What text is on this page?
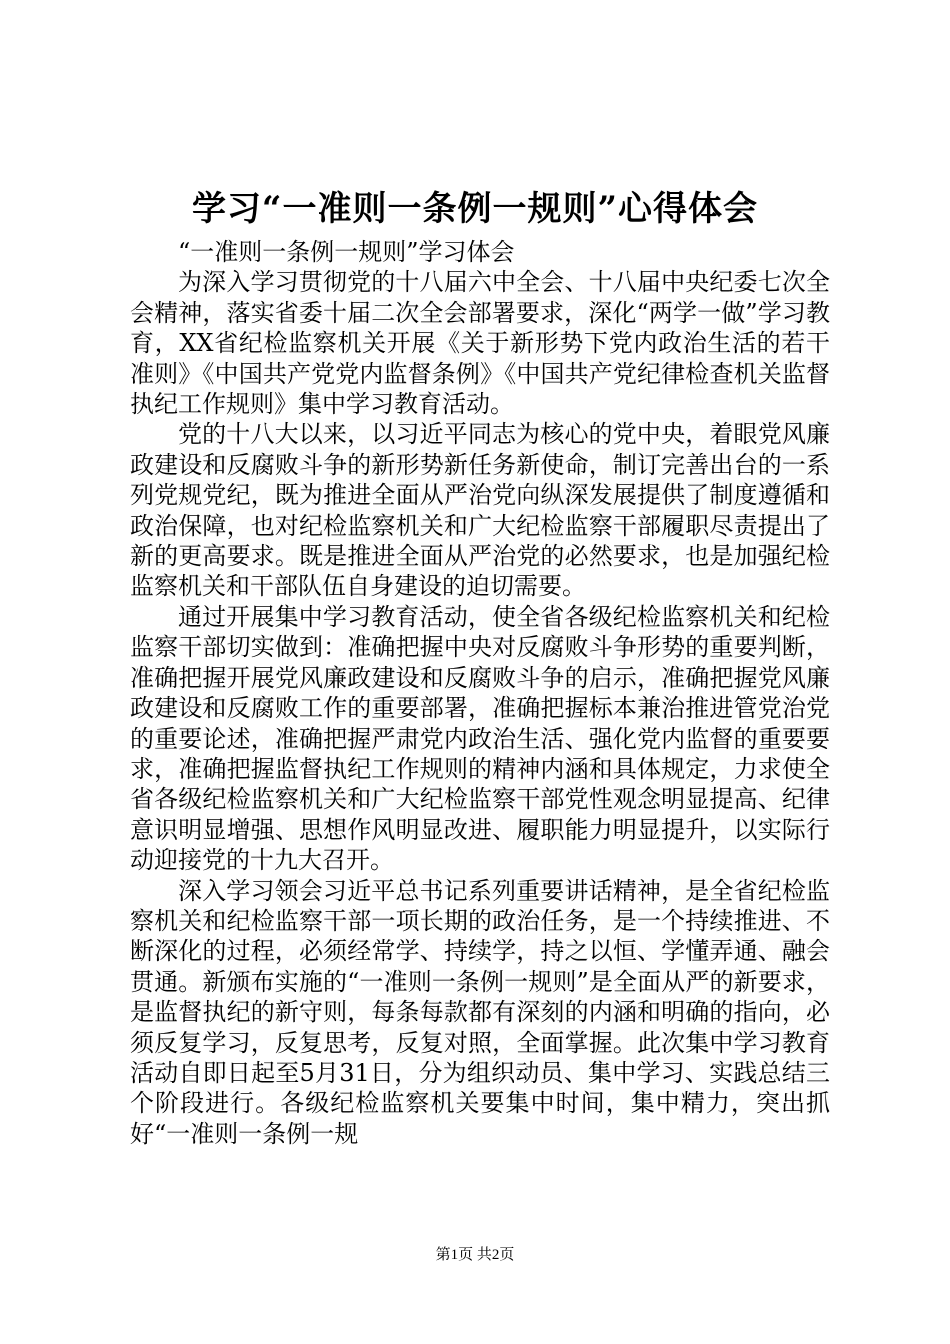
学习“一准则一条例一规则”心得体会

“一准则一条例一规则”学习体会

为深入学习贯彻党的十八届六中全会、十八届中央纪委七次全会精神，落实省委十届二次全会部署要求，深化“两学一做”学习教育，XX省纪检监察机关开展《关于新形势下党内政治生活的若干准则》《中国共产党党内监督条例》《中国共产党纪律检查机关监督执纪工作规则》集中学习教育活动。

党的十八大以来，以习近平同志为核心的党中央，着眼党风廉政建设和反腐败斗争的新形势新任务新使命，制订完善出台的一系列党规党纪，既为推进全面从严治党向纵深发展提供了制度遵循和政治保障，也对纪检监察机关和广大纪检监察干部履职尽责提出了新的更高要求。既是推进全面从严治党的必然要求，也是加强纪检监察机关和干部队伍自身建设的迫切需要。

通过开展集中学习教育活动，使全省各级纪检监察机关和纪检监察干部切实做到：准确把握中央对反腐败斗争形势的重要判断，准确把握开展党风廉政建设和反腐败斗争的启示，准确把握党风廉政建设和反腐败工作的重要部署，准确把握标本兼治推进管党治党的重要论述，准确把握严肃党内政治生活、强化党内监督的重要要求，准确把握监督执纪工作规则的精神内涵和具体规定，力求使全省各级纪检监察机关和广大纪检监察干部党性观念明显提高、纪律意识明显增强、思想作风明显改进、履职能力明显提升，以实际行动迎接党的十九大召开。

深入学习领会习近平总书记系列重要讲话精神，是全省纪检监察机关和纪检监察干部一项长期的政治任务，是一个持续推进、不断深化的过程，必须经常学、持续学，持之以恒、学懂弄通、融会贯通。新颁布实施的“一准则一条例一规则”是全面从严的新要求，是监督执纪的新守则，每条每款都有深刻的内涵和明确的指向，必须反复学习，反复思考，反复对照，全面掌握。此次集中学习教育活动自即日起至5月31日，分为组织动员、集中学习、实践总结三个阶段进行。各级纪检监察机关要集中时间，集中精力，突出抓好“一准则一条例一规

第1页 共2页
